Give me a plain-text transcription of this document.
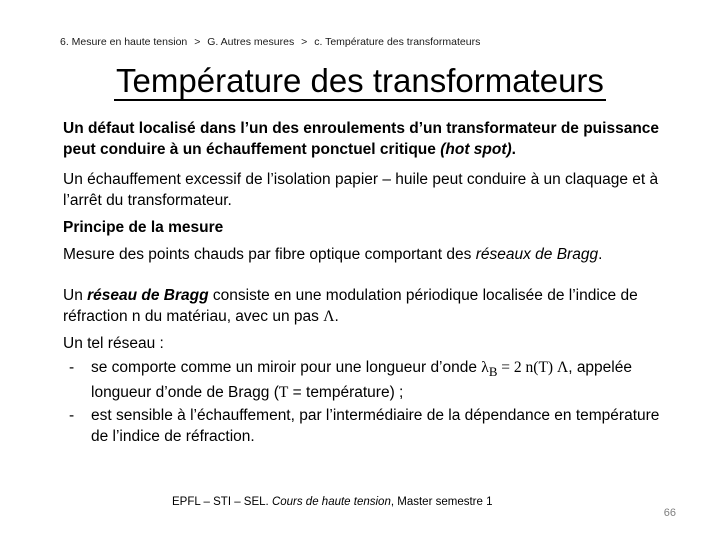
6. Mesure en haute tension > G. Autres mesures > c. Température des transformateurs
Température des transformateurs

Un défaut localisé dans l’un des enroulements d’un transformateur de puissance peut conduire à un échauffement ponctuel critique (hot spot).

Un échauffement excessif de l’isolation papier – huile peut conduire à un claquage et à l’arrêt du transformateur.

Principe de la mesure

Mesure des points chauds par fibre optique comportant des réseaux de Bragg.

Un réseau de Bragg consiste en une modulation périodique localisée de l’indice de réfraction n du matériau, avec un pas Λ.

Un tel réseau :

- se comporte comme un miroir pour une longueur d’onde $\lambda_B = 2$ n(T) Λ, appelée longueur d’onde de Bragg (T = température) ;
- est sensible à l’échauffement, par l’intermédiaire de la dépendance en température de l’indice de réfraction.
EPFL – STI – SEL. Cours de haute tension, Master semestre 1
66
